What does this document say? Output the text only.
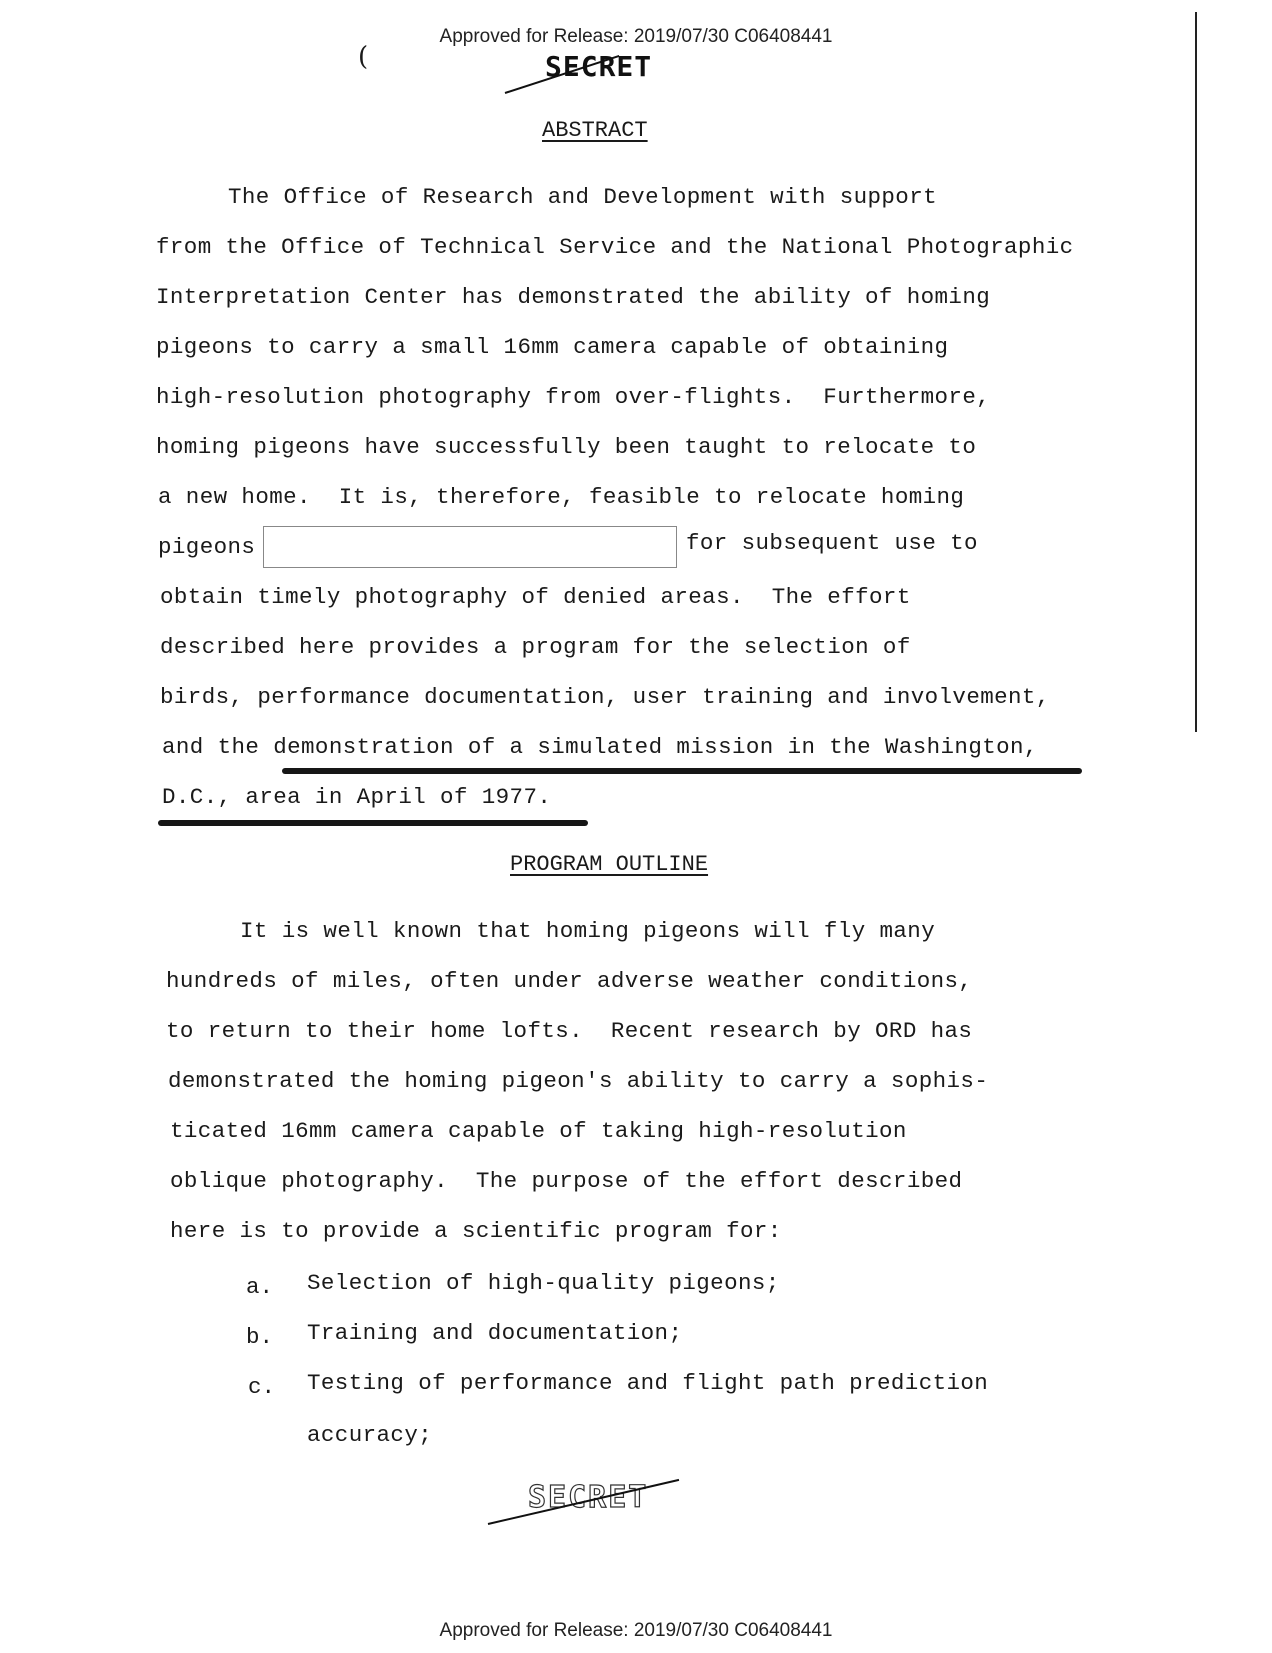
Approved for Release: 2019/07/30 C06408441
(	SECRET
ABSTRACT
The Office of Research and Development with support
from the Office of Technical Service and the National Photographic
Interpretation Center has demonstrated the ability of homing
pigeons to carry a small 16mm camera capable of obtaining
high-resolution photography from over-flights.  Furthermore,
homing pigeons have successfully been taught to relocate to
a new home.  It is, therefore, feasible to relocate homing
pigeons	for subsequent use to
obtain timely photography of denied areas.  The effort
described here provides a program for the selection of
birds, performance documentation, user training and involvement,
and the demonstration of a simulated mission in the Washington,
D.C., area in April of 1977.
PROGRAM OUTLINE
It is well known that homing pigeons will fly many
hundreds of miles, often under adverse weather conditions,
to return to their home lofts.  Recent research by ORD has
demonstrated the homing pigeon's ability to carry a sophis-
ticated 16mm camera capable of taking high-resolution
oblique photography.  The purpose of the effort described
here is to provide a scientific program for:
a. Selection of high-quality pigeons;
b. Training and documentation;
c. Testing of performance and flight path prediction
accuracy;
SECRET
Approved for Release: 2019/07/30 C06408441
